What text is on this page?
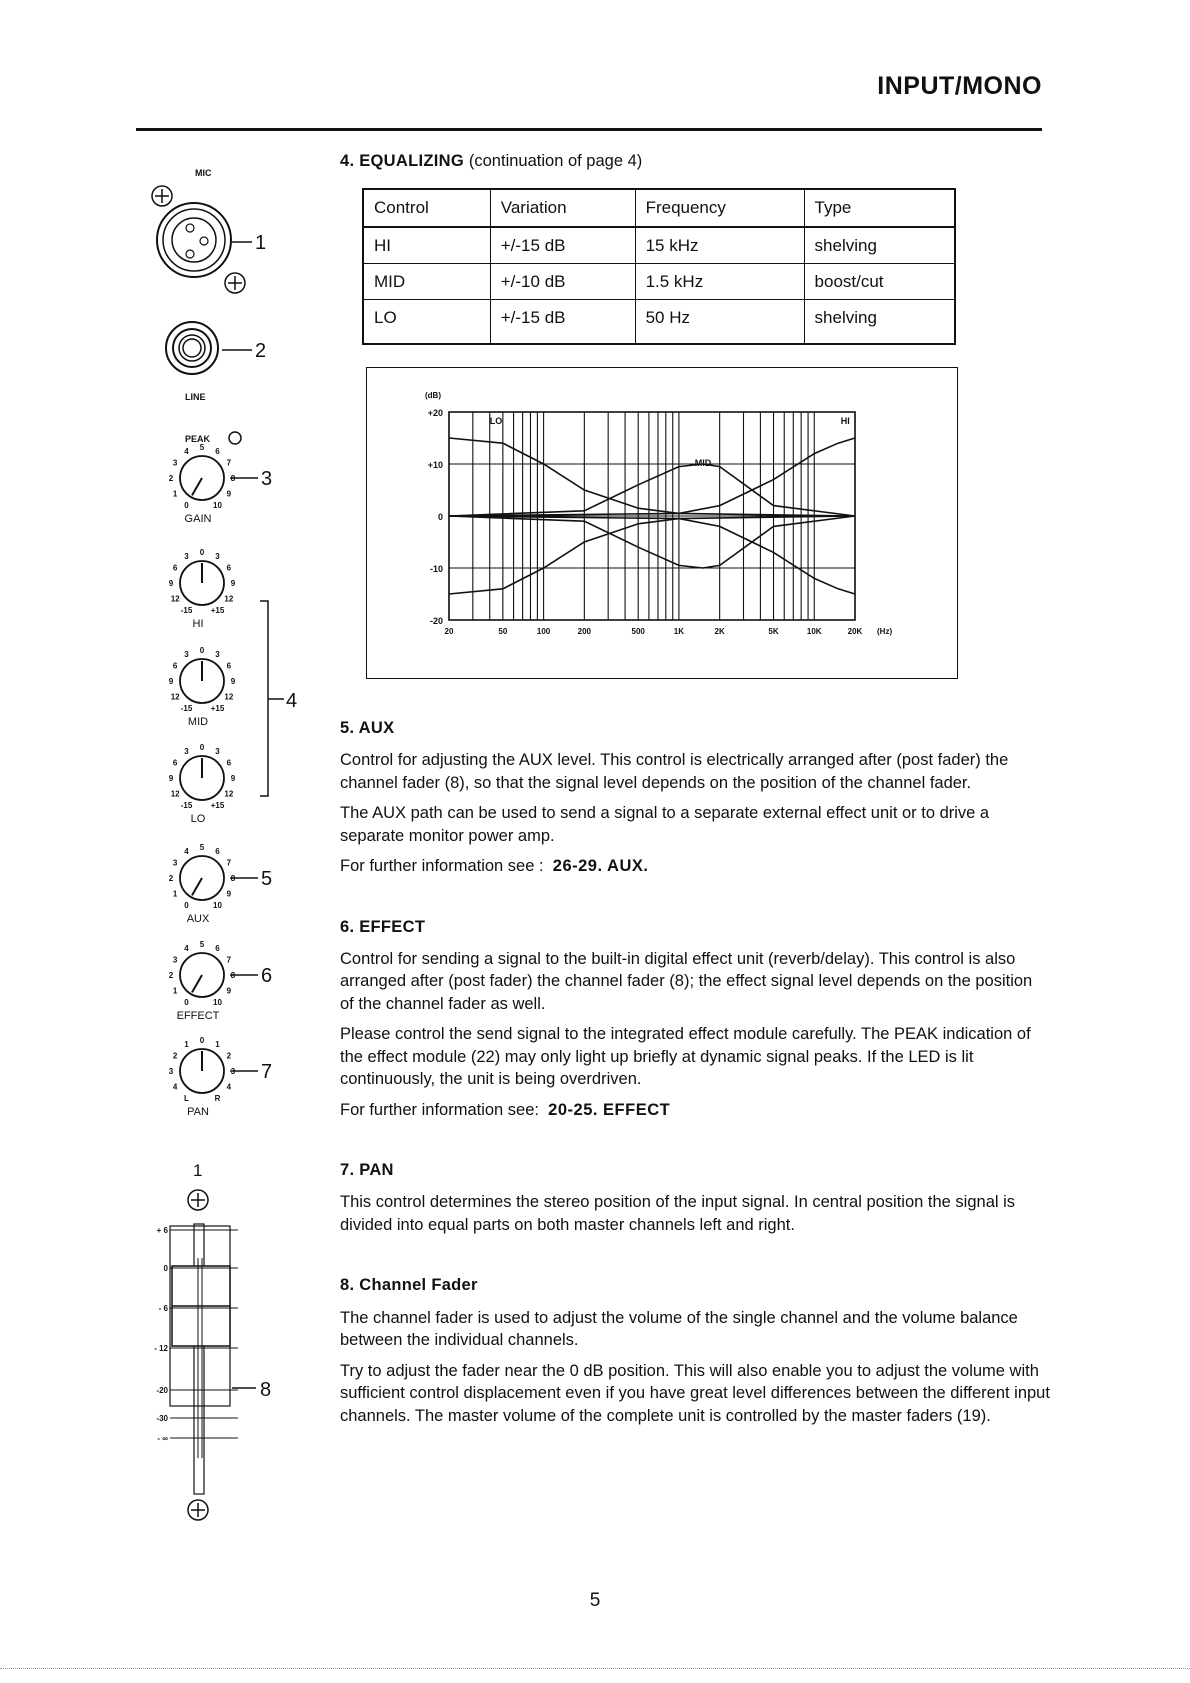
INPUT/MONO
MIC
1
2
LINE
PEAK
0
1
2
3
4 5 6
7
8
9
10
GAIN
3
-15
12
9
6
3 0 3
6
9
12
+15
HI
-15
12
9
6
3 0 3
6
9
12
+15
MID
-15
12
9
6
3 0 3
6
9
12
+15
LO
0
1
2
3
4 5 6
7
8
9
10
AUX
5
0
1
2
3
4 5 6
7
8
9
10
EFFECT
6
L
4
3
2
1 0 1
2
3
4
R
PAN
7
4
1
+ 6
0
- 6
- 12
-20
-30
- ∞
8
4. EQUALIZING (continuation of page 4)
Control	Variation	Frequency	Type
HI	+/-15 dB	15 kHz	shelving
MID	+/-10 dB	1.5 kHz	boost/cut
LO	+/-15 dB	50 Hz	shelving
+20
+10
0
-10
-20
(dB)
20	50	100	200	500	1K	2K	5K	10K	20K (Hz)
LO
MID
HI
5. AUX

Control for adjusting the AUX level. This control is electrically arranged after (post fader) the channel fader (8), so that the signal level depends on the position of the channel fader.

The AUX path can be used to send a signal to a separate external effect unit or to drive a separate monitor power amp.

For further information see : 26-29. AUX.

6. EFFECT

Control for sending a signal to the built-in digital effect unit (reverb/delay). This control is also arranged after (post fader) the channel fader (8); the effect signal level depends on the position of the channel fader as well.

Please control the send signal to the integrated effect module carefully. The PEAK indication of the effect module (22) may only light up briefly at dynamic signal peaks. If the LED is lit continuously, the unit is being overdriven.

For further information see: 20-25. EFFECT

7. PAN

This control determines the stereo position of the input signal. In central position the signal is divided into equal parts on both master channels left and right.

8. Channel Fader

The channel fader is used to adjust the volume of the single channel and the volume balance between the individual channels.

Try to adjust the fader near the 0 dB position. This will also enable you to adjust the volume with sufficient control displacement even if you have great level differences between the different input channels. The master volume of the complete unit is controlled by the master faders (19).

5
